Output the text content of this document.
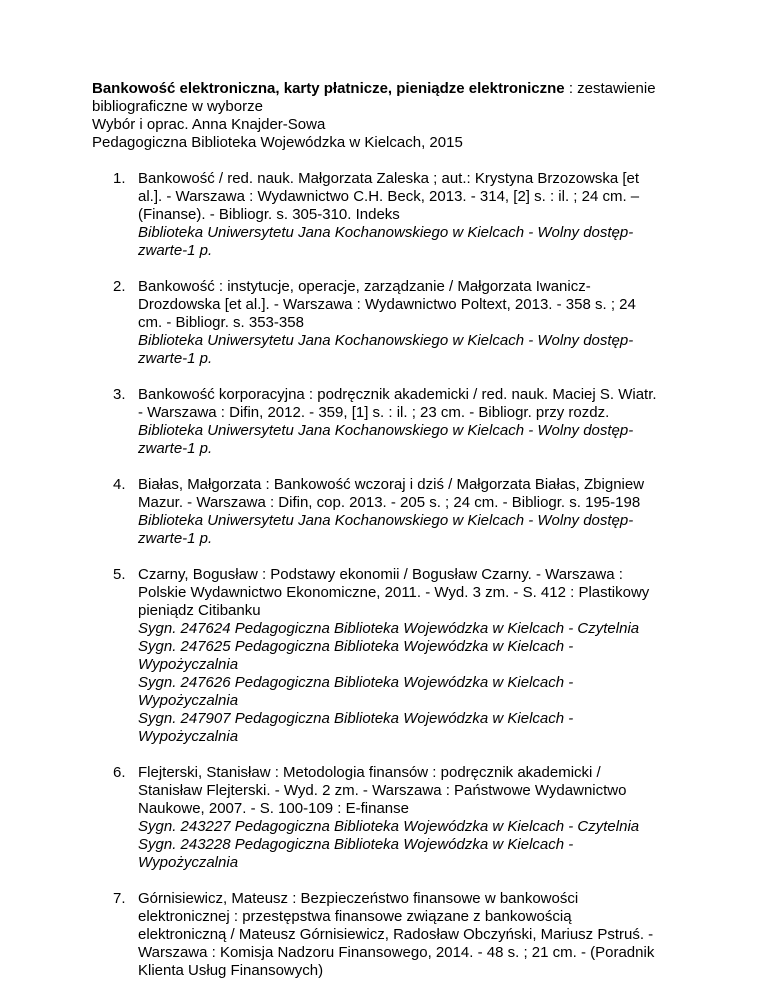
Bankowość elektroniczna, karty płatnicze, pieniądze elektroniczne : zestawienie
bibliograficzne w wyborze
Wybór i oprac. Anna Knajder-Sowa
Pedagogiczna Biblioteka Wojewódzka w Kielcach, 2015
1. Bankowość / red. nauk. Małgorzata Zaleska ; aut.: Krystyna Brzozowska [et
al.]. - Warszawa : Wydawnictwo C.H. Beck, 2013. - 314, [2] s. : il. ; 24 cm. –
(Finanse). - Bibliogr. s. 305-310. Indeks
Biblioteka Uniwersytetu Jana Kochanowskiego w Kielcach - Wolny dostęp-
zwarte-1 p.
2. Bankowość : instytucje, operacje, zarządzanie / Małgorzata Iwanicz-
Drozdowska [et al.]. - Warszawa : Wydawnictwo Poltext, 2013. - 358 s. ; 24
cm. - Bibliogr. s. 353-358
Biblioteka Uniwersytetu Jana Kochanowskiego w Kielcach - Wolny dostęp-
zwarte-1 p.
3. Bankowość korporacyjna : podręcznik akademicki / red. nauk. Maciej S. Wiatr.
- Warszawa : Difin, 2012. - 359, [1] s. : il. ; 23 cm. - Bibliogr. przy rozdz.
Biblioteka Uniwersytetu Jana Kochanowskiego w Kielcach - Wolny dostęp-
zwarte-1 p.
4. Białas, Małgorzata : Bankowość wczoraj i dziś / Małgorzata Białas, Zbigniew
Mazur. - Warszawa : Difin, cop. 2013. - 205 s. ; 24 cm. - Bibliogr. s. 195-198
Biblioteka Uniwersytetu Jana Kochanowskiego w Kielcach - Wolny dostęp-
zwarte-1 p.
5. Czarny, Bogusław : Podstawy ekonomii / Bogusław Czarny. - Warszawa :
Polskie Wydawnictwo Ekonomiczne, 2011. - Wyd. 3 zm. - S. 412 : Plastikowy
pieniądz Citibanku
Sygn. 247624 Pedagogiczna Biblioteka Wojewódzka w Kielcach - Czytelnia
Sygn. 247625 Pedagogiczna Biblioteka Wojewódzka w Kielcach -
Wypożyczalnia
Sygn. 247626 Pedagogiczna Biblioteka Wojewódzka w Kielcach -
Wypożyczalnia
Sygn. 247907 Pedagogiczna Biblioteka Wojewódzka w Kielcach -
Wypożyczalnia
6. Flejterski, Stanisław : Metodologia finansów : podręcznik akademicki /
Stanisław Flejterski. - Wyd. 2 zm. - Warszawa : Państwowe Wydawnictwo
Naukowe, 2007. - S. 100-109 : E-finanse
Sygn. 243227 Pedagogiczna Biblioteka Wojewódzka w Kielcach - Czytelnia
Sygn. 243228 Pedagogiczna Biblioteka Wojewódzka w Kielcach -
Wypożyczalnia
7. Górnisiewicz, Mateusz : Bezpieczeństwo finansowe w bankowości
elektronicznej : przestępstwa finansowe związane z bankowością
elektroniczną / Mateusz Górnisiewicz, Radosław Obczyński, Mariusz Pstruś. -
Warszawa : Komisja Nadzoru Finansowego, 2014. - 48 s. ; 21 cm. - (Poradnik
Klienta Usług Finansowych)
